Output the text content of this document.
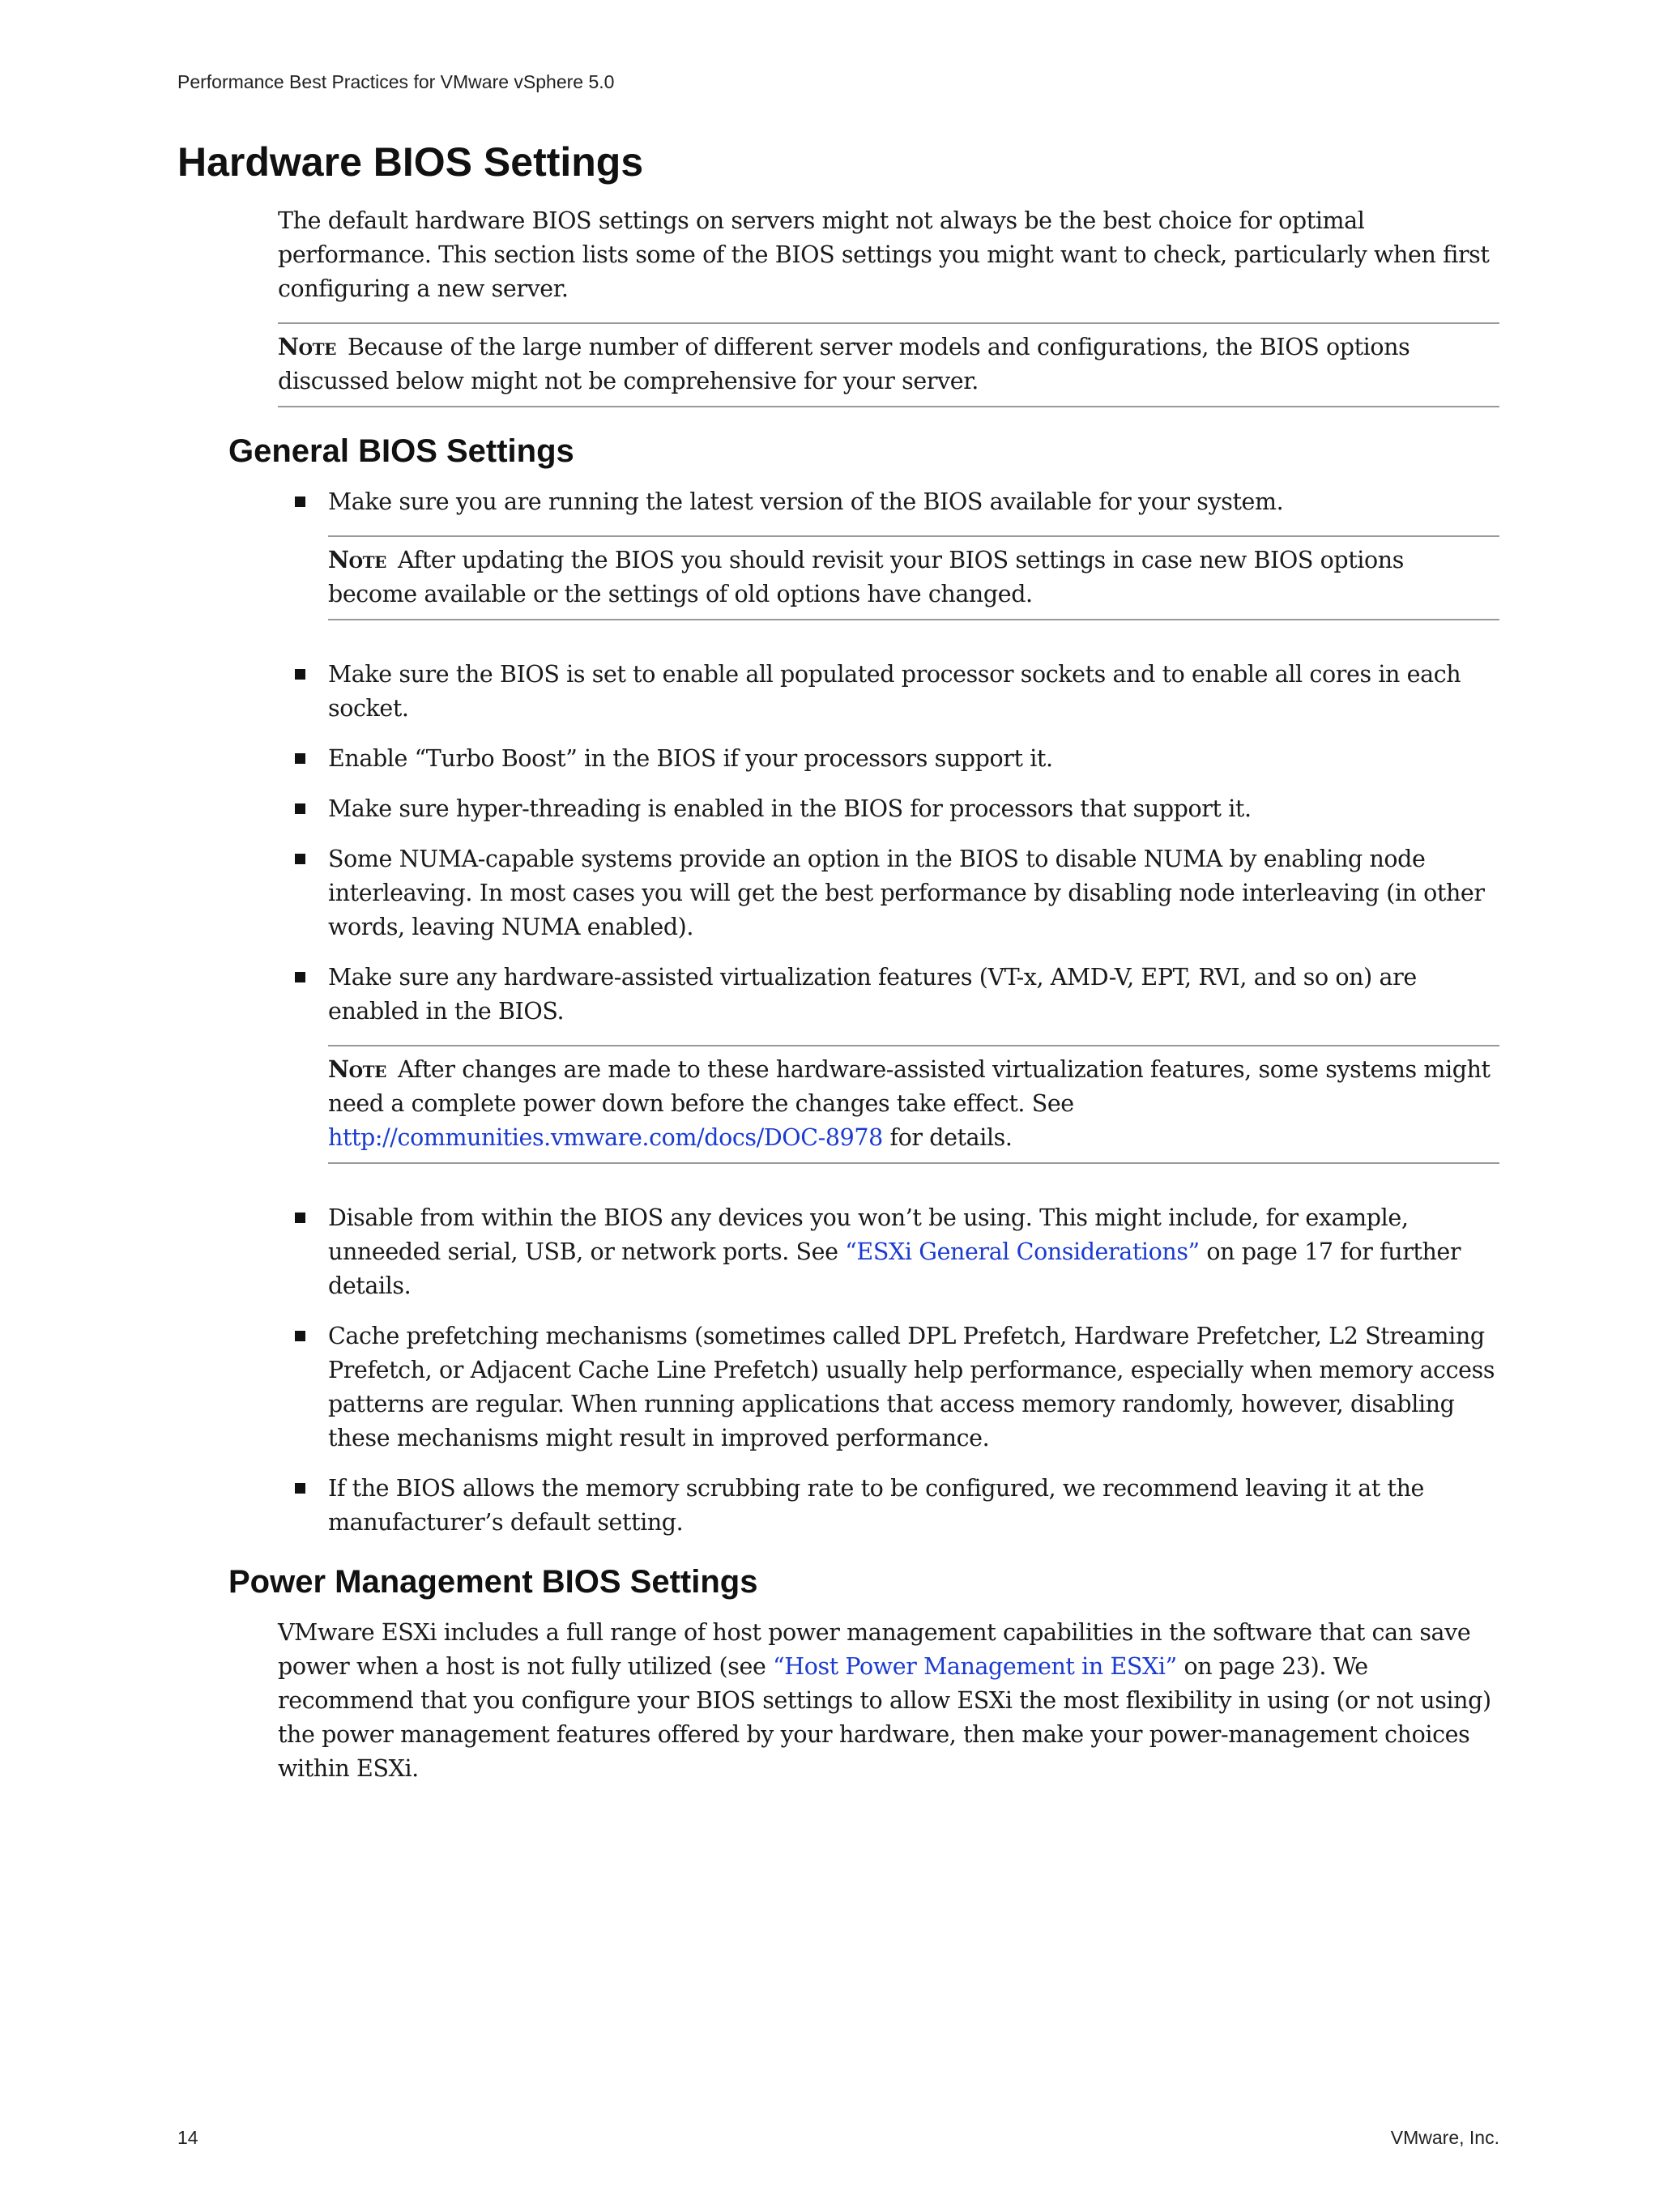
Performance Best Practices for VMware vSphere 5.0
Hardware BIOS Settings

The default hardware BIOS settings on servers might not always be the best choice for optimal performance. This section lists some of the BIOS settings you might want to check, particularly when first configuring a new server.

Note Because of the large number of different server models and configurations, the BIOS options discussed below might not be comprehensive for your server.
General BIOS Settings

Make sure you are running the latest version of the BIOS available for your system.

Note After updating the BIOS you should revisit your BIOS settings in case new BIOS options become available or the settings of old options have changed.

Make sure the BIOS is set to enable all populated processor sockets and to enable all cores in each socket.

Enable “Turbo Boost” in the BIOS if your processors support it.

Make sure hyper-threading is enabled in the BIOS for processors that support it.

Some NUMA-capable systems provide an option in the BIOS to disable NUMA by enabling node interleaving. In most cases you will get the best performance by disabling node interleaving (in other words, leaving NUMA enabled).

Make sure any hardware-assisted virtualization features (VT-x, AMD-V, EPT, RVI, and so on) are enabled in the BIOS.

Note After changes are made to these hardware-assisted virtualization features, some systems might need a complete power down before the changes take effect. See
http://communities.vmware.com/docs/DOC-8978 for details.

Disable from within the BIOS any devices you won’t be using. This might include, for example, unneeded serial, USB, or network ports. See “ESXi General Considerations” on page 17 for further details.

Cache prefetching mechanisms (sometimes called DPL Prefetch, Hardware Prefetcher, L2 Streaming Prefetch, or Adjacent Cache Line Prefetch) usually help performance, especially when memory access patterns are regular. When running applications that access memory randomly, however, disabling these mechanisms might result in improved performance.

If the BIOS allows the memory scrubbing rate to be configured, we recommend leaving it at the manufacturer’s default setting.

Power Management BIOS Settings

VMware ESXi includes a full range of host power management capabilities in the software that can save power when a host is not fully utilized (see “Host Power Management in ESXi” on page 23). We recommend that you configure your BIOS settings to allow ESXi the most flexibility in using (or not using) the power management features offered by your hardware, then make your power-management choices within ESXi.

14	VMware, Inc.
